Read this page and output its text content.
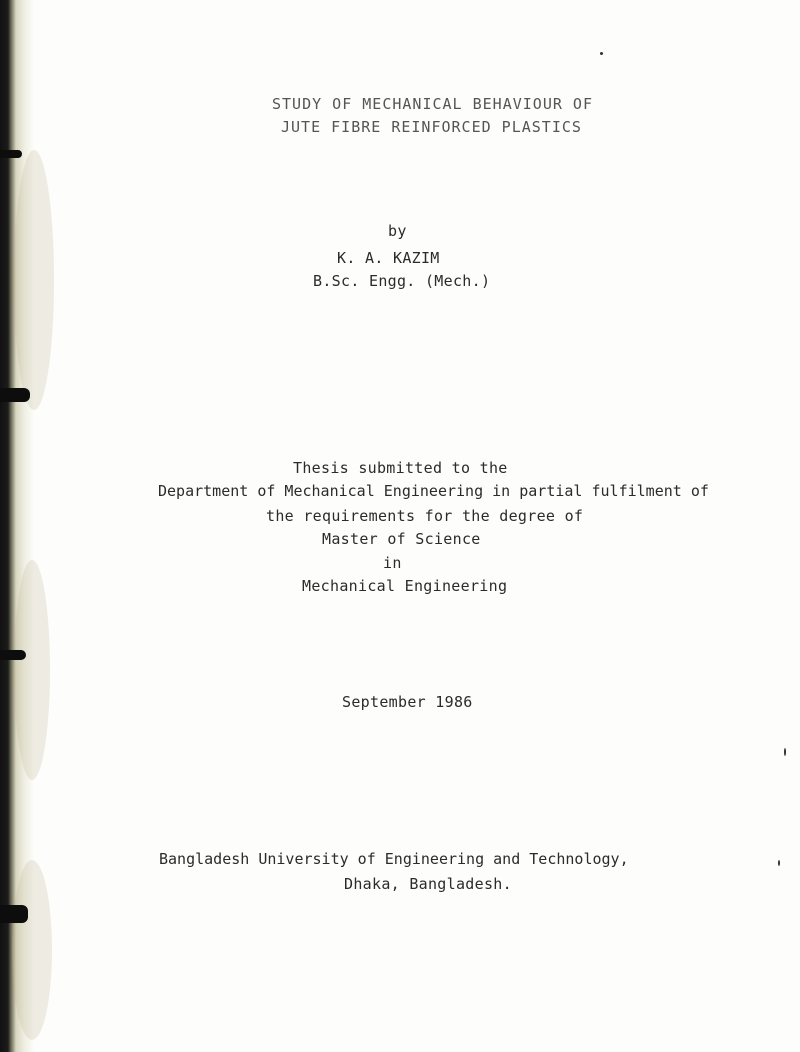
STUDY OF MECHANICAL BEHAVIOUR OF
JUTE FIBRE REINFORCED PLASTICS
by
K. A. KAZIM
B.Sc. Engg. (Mech.)
Thesis submitted to the
Department of Mechanical Engineering in partial fulfilment of
the requirements for the degree of
Master of Science
in
Mechanical Engineering
September 1986
Bangladesh University of Engineering and Technology,
Dhaka, Bangladesh.
